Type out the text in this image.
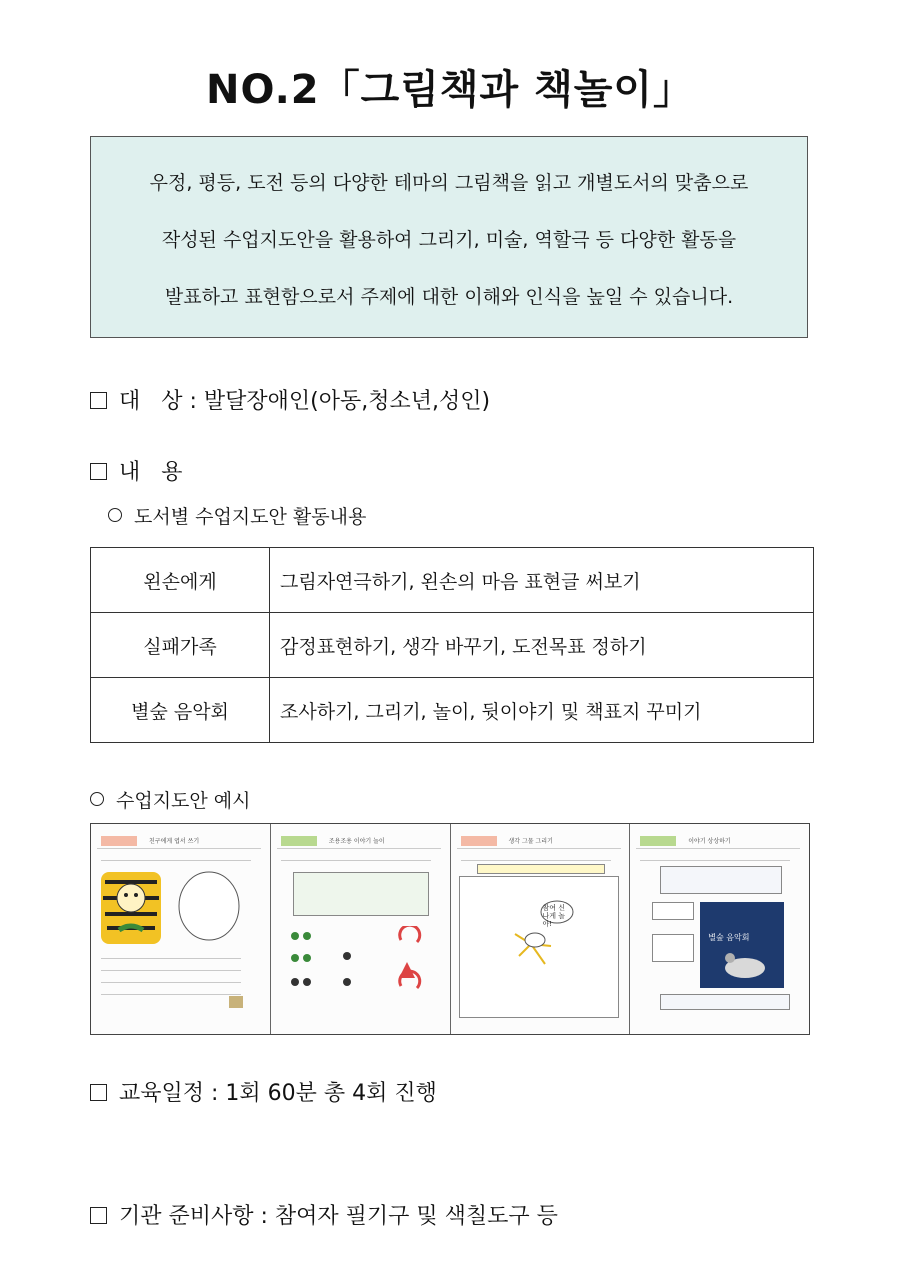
NO.2「그림책과 책놀이」
우정, 평등, 도전 등의 다양한 테마의 그림책을 읽고 개별도서의 맞춤으로
작성된 수업지도안을 활용하여 그리기, 미술, 역할극 등 다양한 활동을
발표하고 표현함으로서 주제에 대한 이해와 인식을 높일 수 있습니다.
대   상 : 발달장애인(아동,청소년,성인)
내   용
도서별 수업지도안 활동내용
왼손에게	그림자연극하기, 왼손의 마음 표현글 써보기
실패가족	감정표현하기, 생각 바꾸기, 도전목표 정하기
별숲 음악회	조사하기, 그리기, 놀이, 뒷이야기 및 책표지 꾸미기
수업지도안 예시
친구에게 엽서 쓰기	조용조용 이야기 놀이	생각 그물 그리기
참여 신나게 놀아!
이야기 상상하기
별숲 음악회
교육일정 : 1회 60분 총 4회 진행
기관 준비사항 : 참여자 필기구 및 색칠도구 등
